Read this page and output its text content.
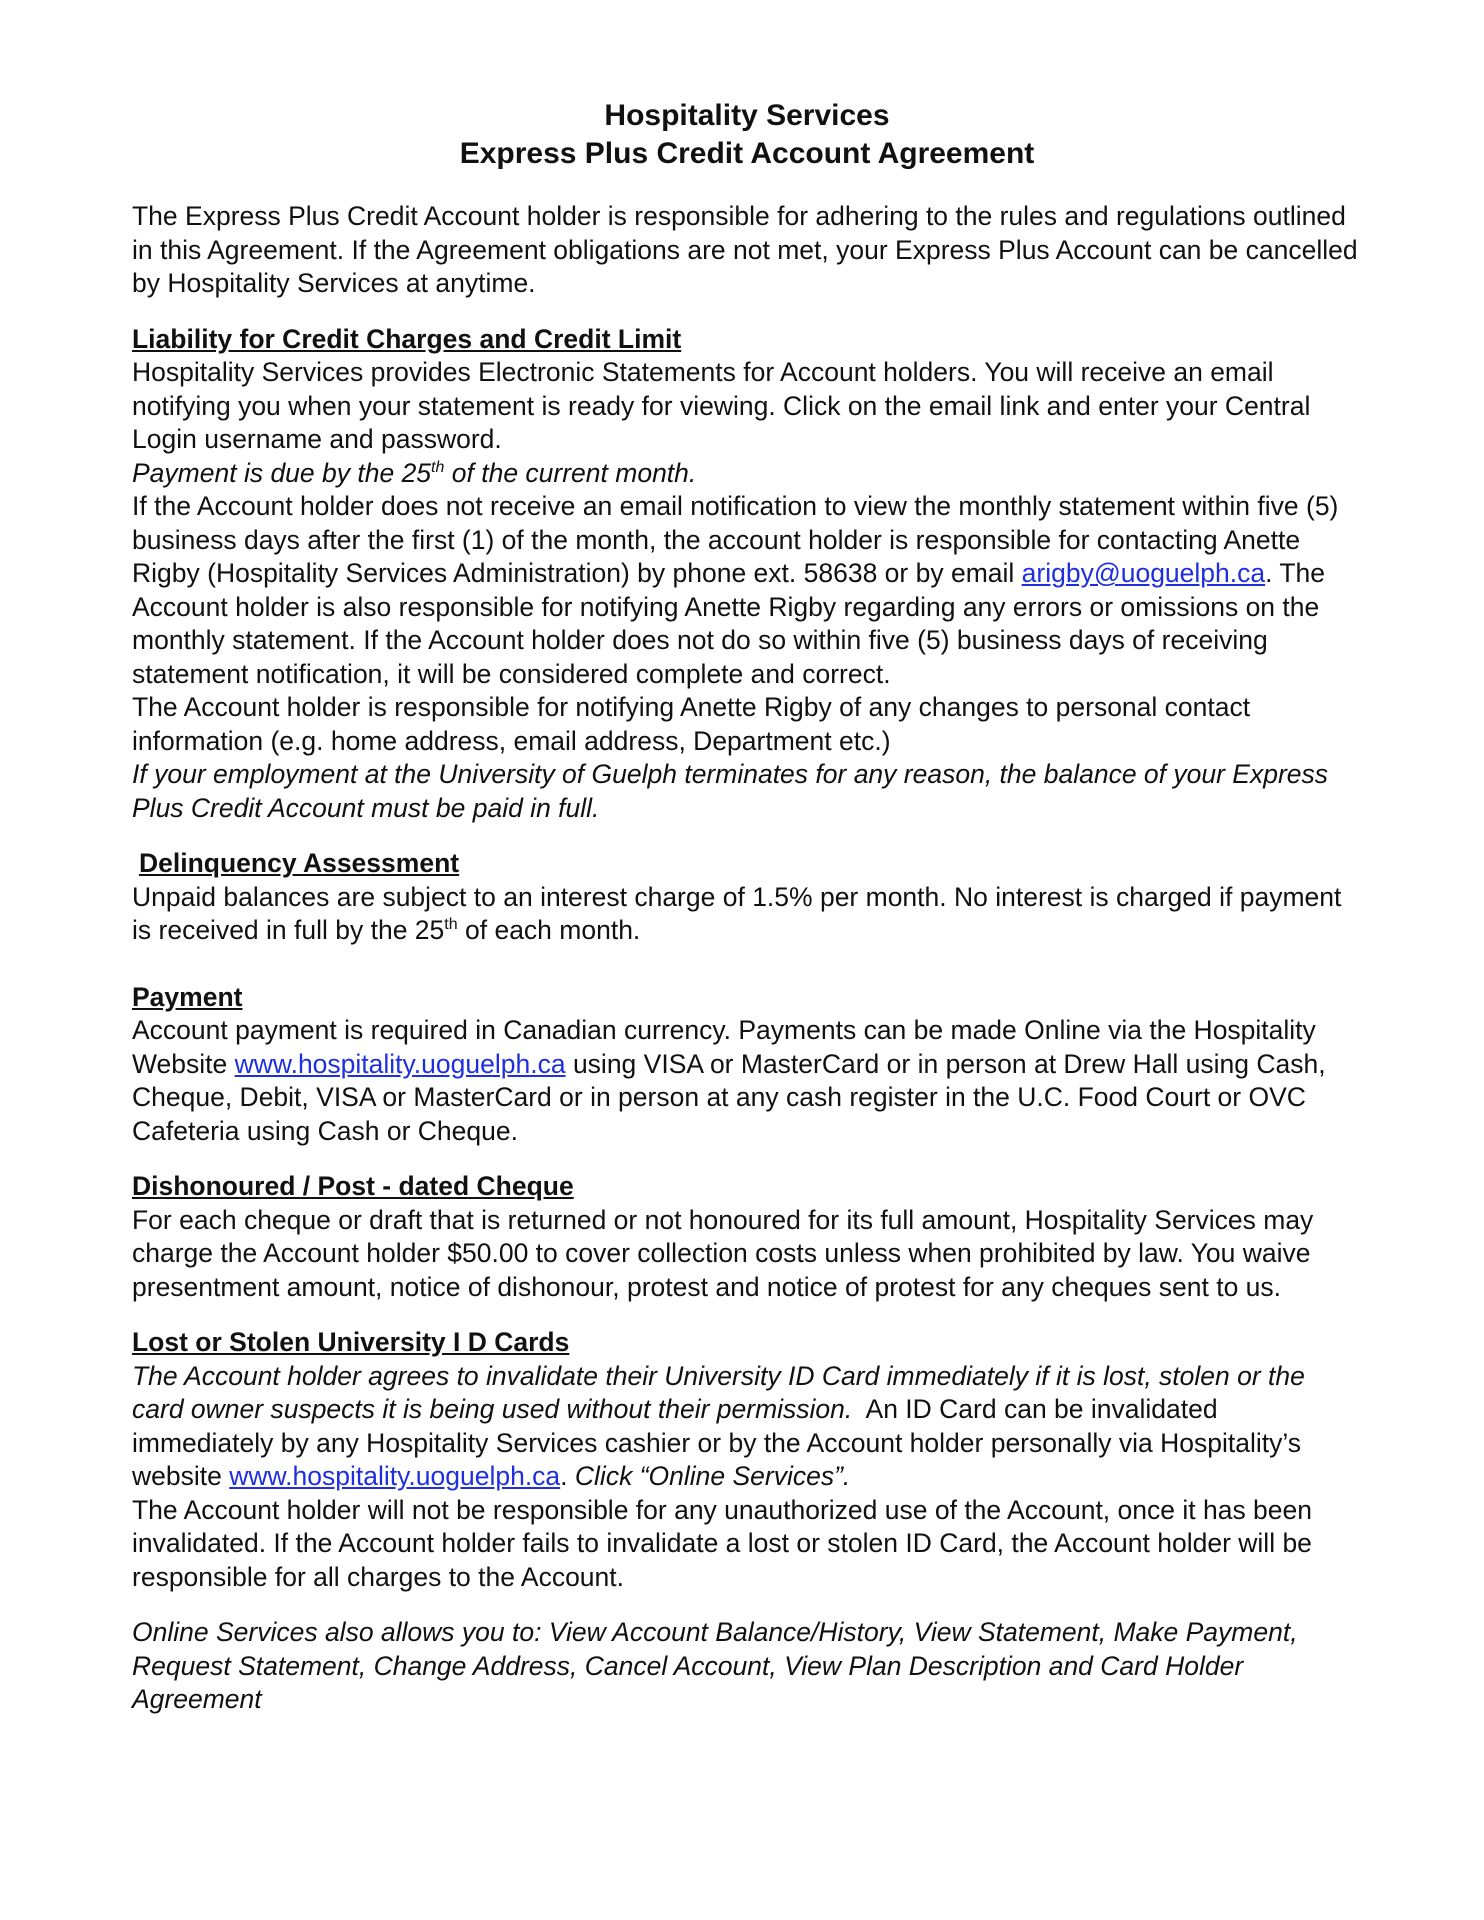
Hospitality Services

Express Plus Credit Account Agreement

The Express Plus Credit Account holder is responsible for adhering to the rules and regulations outlined in this Agreement. If the Agreement obligations are not met, your Express Plus Account can be cancelled by Hospitality Services at anytime.

Liability for Credit Charges and Credit Limit

Hospitality Services provides Electronic Statements for Account holders. You will receive an email notifying you when your statement is ready for viewing. Click on the email link and enter your Central Login username and password.

Payment is due by the 25th of the current month.

If the Account holder does not receive an email notification to view the monthly statement within five (5) business days after the first (1) of the month, the account holder is responsible for contacting Anette Rigby (Hospitality Services Administration) by phone ext. 58638 or by email arigby@uoguelph.ca. The Account holder is also responsible for notifying Anette Rigby regarding any errors or omissions on the monthly statement. If the Account holder does not do so within five (5) business days of receiving statement notification, it will be considered complete and correct.

The Account holder is responsible for notifying Anette Rigby of any changes to personal contact information (e.g. home address, email address, Department etc.)

If your employment at the University of Guelph terminates for any reason, the balance of your Express Plus Credit Account must be paid in full.

Delinquency Assessment

Unpaid balances are subject to an interest charge of 1.5% per month. No interest is charged if payment is received in full by the 25th of each month.

Payment

Account payment is required in Canadian currency. Payments can be made Online via the Hospitality Website www.hospitality.uoguelph.ca using VISA or MasterCard or in person at Drew Hall using Cash, Cheque, Debit, VISA or MasterCard or in person at any cash register in the U.C. Food Court or OVC Cafeteria using Cash or Cheque.

Dishonoured / Post - dated Cheque

For each cheque or draft that is returned or not honoured for its full amount, Hospitality Services may charge the Account holder $50.00 to cover collection costs unless when prohibited by law. You waive presentment amount, notice of dishonour, protest and notice of protest for any cheques sent to us.

Lost or Stolen University I D Cards

The Account holder agrees to invalidate their University ID Card immediately if it is lost, stolen or the card owner suspects it is being used without their permission.  An ID Card can be invalidated immediately by any Hospitality Services cashier or by the Account holder personally via Hospitality’s website www.hospitality.uoguelph.ca. Click “Online Services”.

The Account holder will not be responsible for any unauthorized use of the Account, once it has been invalidated. If the Account holder fails to invalidate a lost or stolen ID Card, the Account holder will be responsible for all charges to the Account.

Online Services also allows you to: View Account Balance/History, View Statement, Make Payment, Request Statement, Change Address, Cancel Account, View Plan Description and Card Holder Agreement
